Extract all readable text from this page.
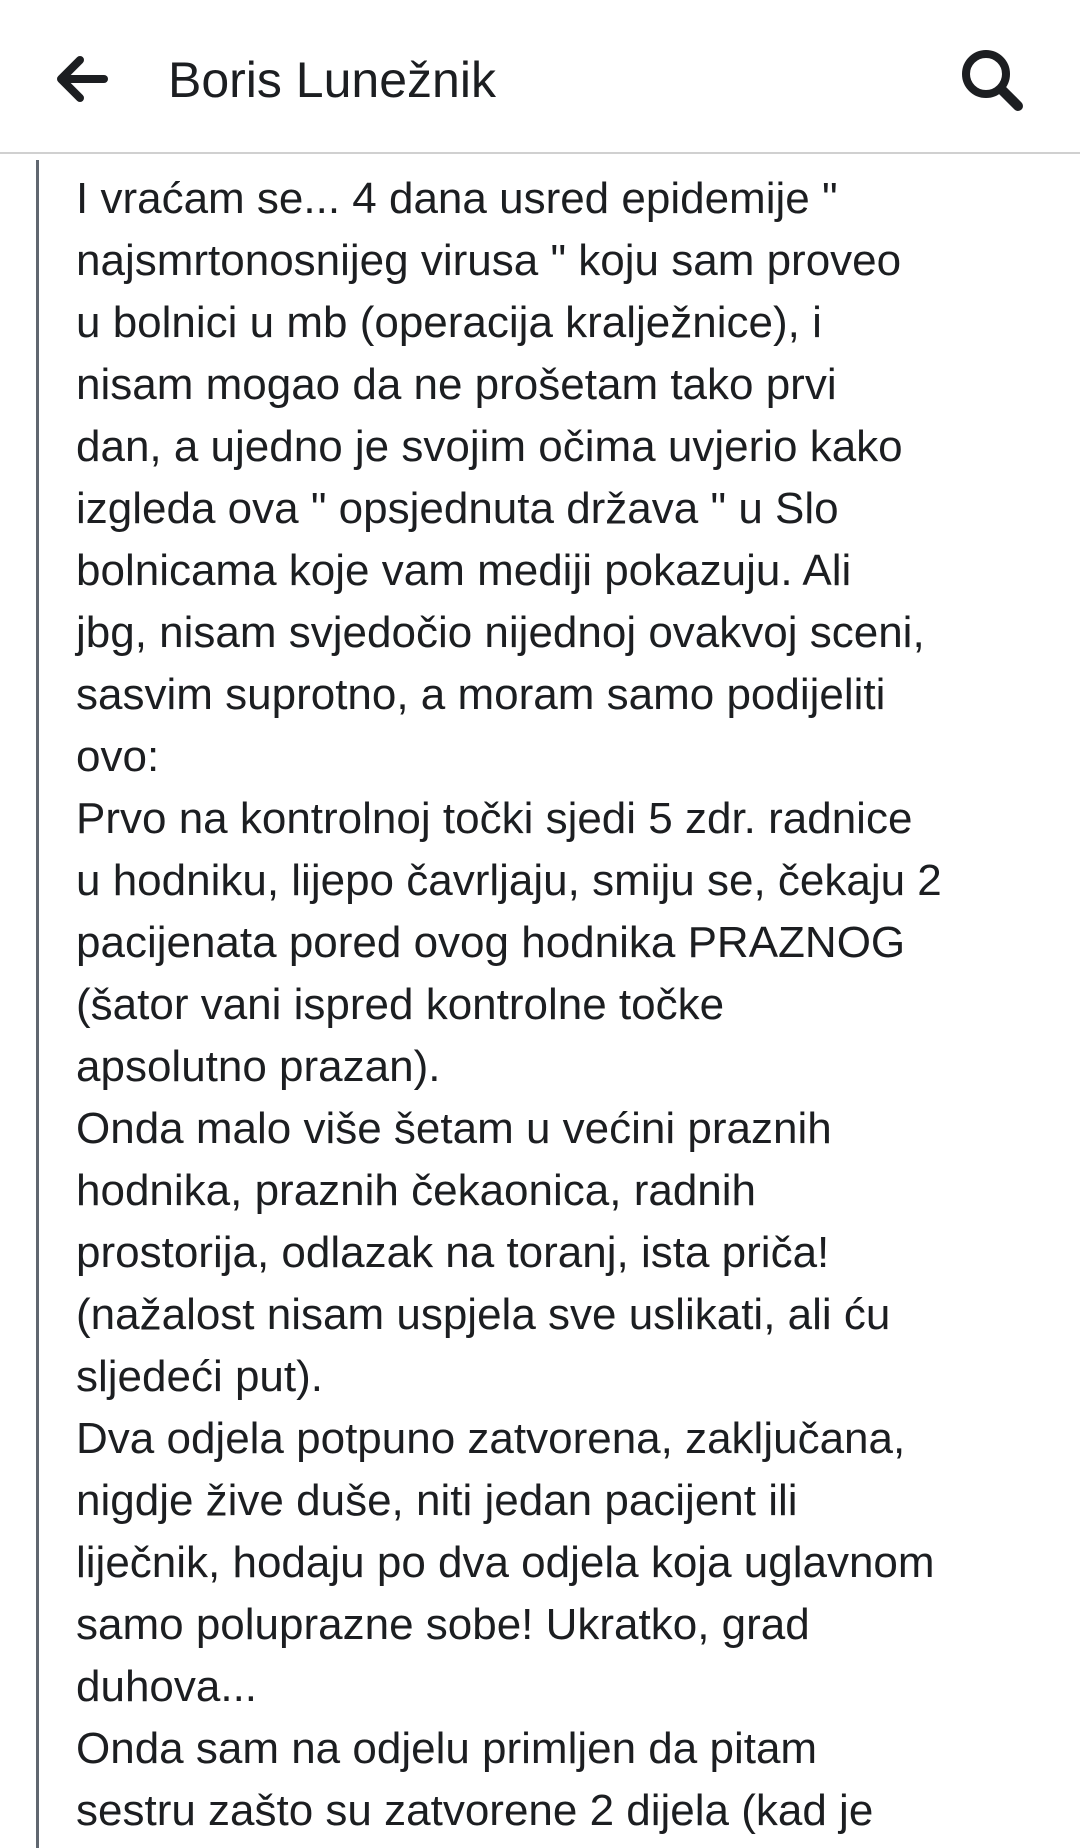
Boris Lunežnik

I vraćam se... 4 dana usred epidemije "

najsmrtonosnijeg virusa " koju sam proveo

u bolnici u mb (operacija kralježnice), i

nisam mogao da ne prošetam tako prvi

dan, a ujedno je svojim očima uvjerio kako

izgleda ova " opsjednuta država " u Slo

bolnicama koje vam mediji pokazuju. Ali

jbg, nisam svjedočio nijednoj ovakvoj sceni,

sasvim suprotno, a moram samo podijeliti

ovo:

Prvo na kontrolnoj točki sjedi 5 zdr. radnice

u hodniku, lijepo čavrljaju, smiju se, čekaju 2

pacijenata pored ovog hodnika PRAZNOG

(šator vani ispred kontrolne točke

apsolutno prazan).

Onda malo više šetam u većini praznih

hodnika, praznih čekaonica, radnih

prostorija, odlazak na toranj, ista priča!

(nažalost nisam uspjela sve uslikati, ali ću

sljedeći put).

Dva odjela potpuno zatvorena, zaključana,

nigdje žive duše, niti jedan pacijent ili

liječnik, hodaju po dva odjela koja uglavnom

samo poluprazne sobe! Ukratko, grad

duhova...

Onda sam na odjelu primljen da pitam

sestru zašto su zatvorene 2 dijela (kad je
